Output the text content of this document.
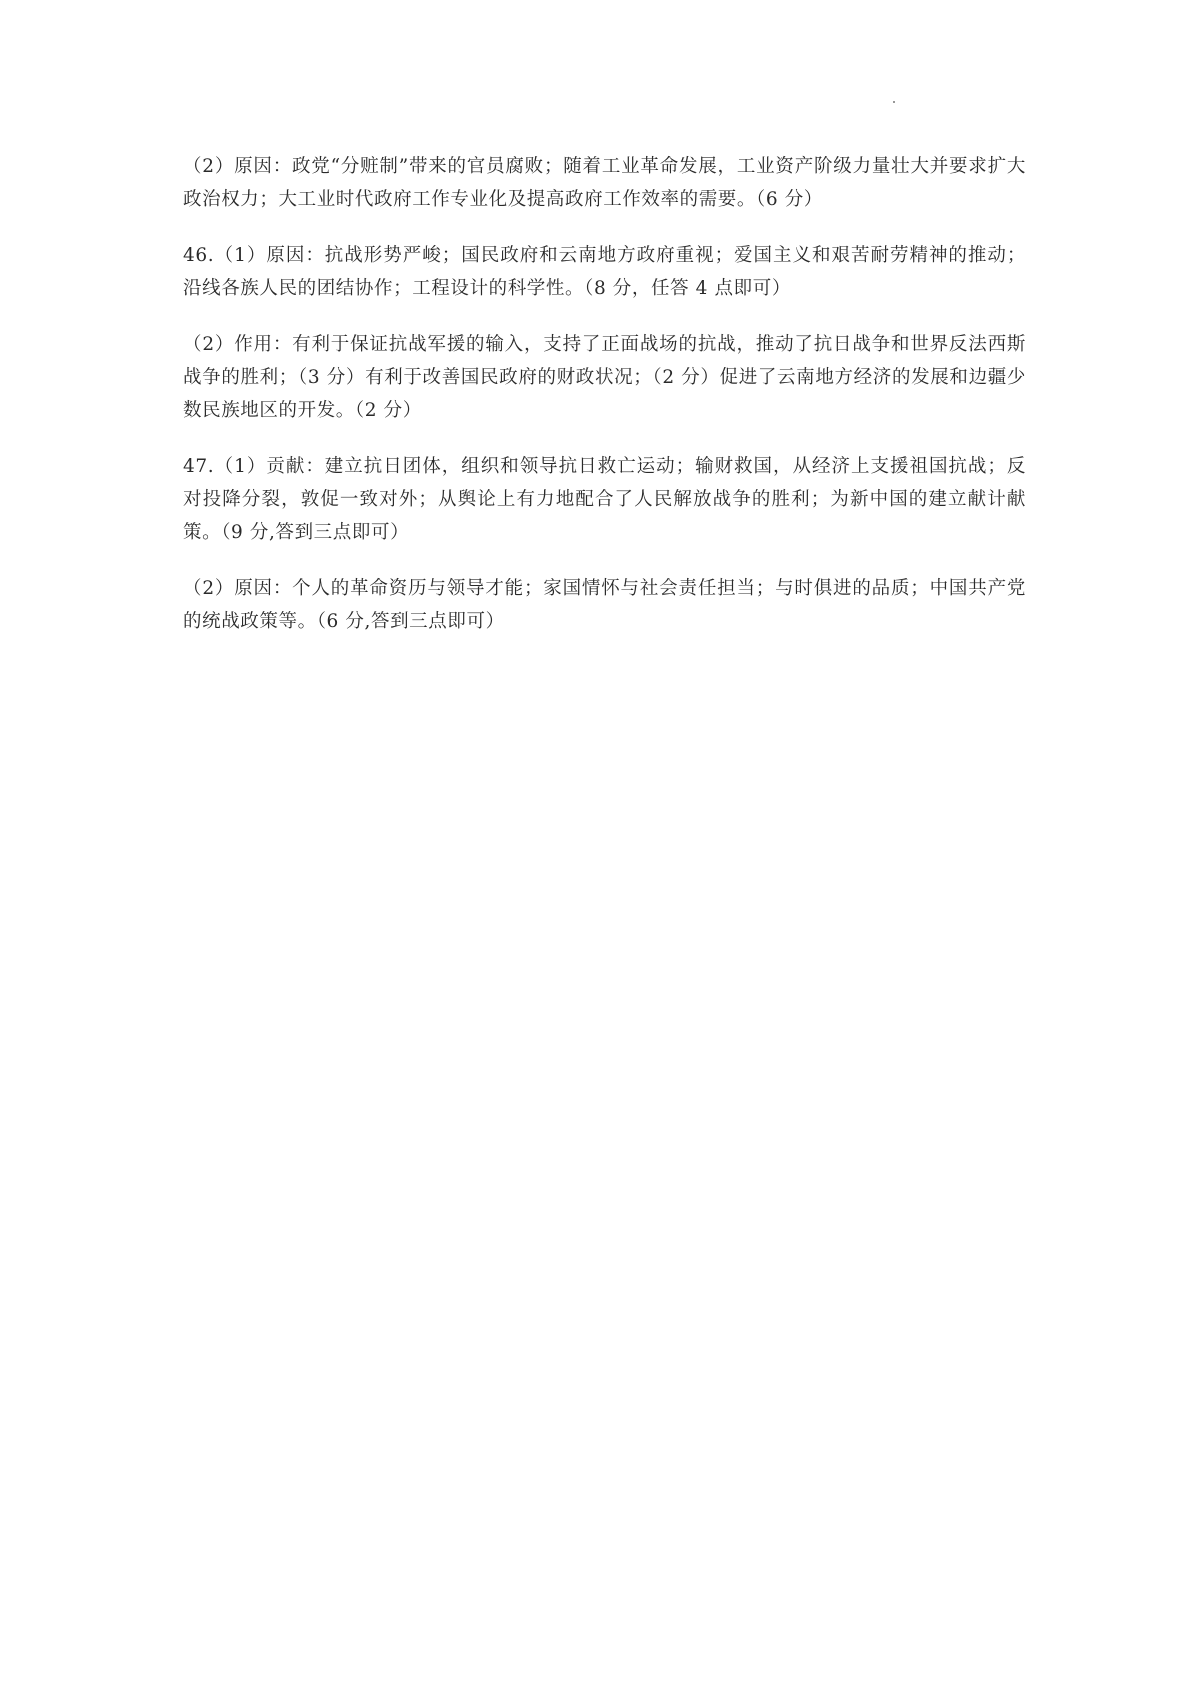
（2）原因：政党“分赃制”带来的官员腐败；随着工业革命发展，工业资产阶级力量壮大并要求扩大政治权力；大工业时代政府工作专业化及提高政府工作效率的需要。（6 分）

46.（1）原因：抗战形势严峻；国民政府和云南地方政府重视；爱国主义和艰苦耐劳精神的推动；沿线各族人民的团结协作；工程设计的科学性。（8 分，任答 4 点即可）

（2）作用：有利于保证抗战军援的输入，支持了正面战场的抗战，推动了抗日战争和世界反法西斯战争的胜利；（3 分）有利于改善国民政府的财政状况；（2 分）促进了云南地方经济的发展和边疆少数民族地区的开发。（2 分）

47.（1）贡献：建立抗日团体，组织和领导抗日救亡运动；输财救国，从经济上支援祖国抗战；反对投降分裂，敦促一致对外；从舆论上有力地配合了人民解放战争的胜利；为新中国的建立献计献策。（9 分,答到三点即可）

（2）原因：个人的革命资历与领导才能；家国情怀与社会责任担当；与时俱进的品质；中国共产党的统战政策等。（6 分,答到三点即可）
